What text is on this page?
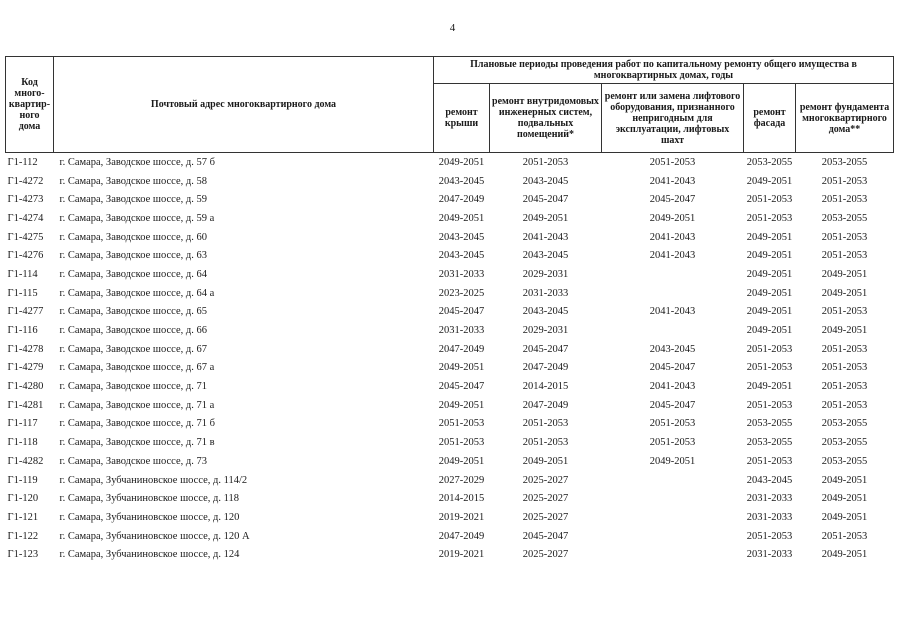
4
Код много-квартир-ного дома	Почтовый адрес многоквартирного дома	Плановые периоды проведения работ по капитальному ремонту общего имущества в многоквартирных домах, годы				
		ремонт крыши	ремонт внутридомовых инженерных систем, подвальных помещений*	ремонт или замена лифтового оборудования, признанного непригодным для эксплуатации, лифтовых шахт	ремонт фасада	ремонт фундамента многоквартирного дома**
Г1-112	г. Самара, Заводское шоссе, д. 57 б	2049-2051	2051-2053	2051-2053	2053-2055	2053-2055
Г1-4272	г. Самара, Заводское шоссе, д. 58	2043-2045	2043-2045	2041-2043	2049-2051	2051-2053
Г1-4273	г. Самара, Заводское шоссе, д. 59	2047-2049	2045-2047	2045-2047	2051-2053	2051-2053
Г1-4274	г. Самара, Заводское шоссе, д. 59 а	2049-2051	2049-2051	2049-2051	2051-2053	2053-2055
Г1-4275	г. Самара, Заводское шоссе, д. 60	2043-2045	2041-2043	2041-2043	2049-2051	2051-2053
Г1-4276	г. Самара, Заводское шоссе, д. 63	2043-2045	2043-2045	2041-2043	2049-2051	2051-2053
Г1-114	г. Самара, Заводское шоссе, д. 64	2031-2033	2029-2031		2049-2051	2049-2051
Г1-115	г. Самара, Заводское шоссе, д. 64 а	2023-2025	2031-2033		2049-2051	2049-2051
Г1-4277	г. Самара, Заводское шоссе, д. 65	2045-2047	2043-2045	2041-2043	2049-2051	2051-2053
Г1-116	г. Самара, Заводское шоссе, д. 66	2031-2033	2029-2031		2049-2051	2049-2051
Г1-4278	г. Самара, Заводское шоссе, д. 67	2047-2049	2045-2047	2043-2045	2051-2053	2051-2053
Г1-4279	г. Самара, Заводское шоссе, д. 67 а	2049-2051	2047-2049	2045-2047	2051-2053	2051-2053
Г1-4280	г. Самара, Заводское шоссе, д. 71	2045-2047	2014-2015	2041-2043	2049-2051	2051-2053
Г1-4281	г. Самара, Заводское шоссе, д. 71 а	2049-2051	2047-2049	2045-2047	2051-2053	2051-2053
Г1-117	г. Самара, Заводское шоссе, д. 71 б	2051-2053	2051-2053	2051-2053	2053-2055	2053-2055
Г1-118	г. Самара, Заводское шоссе, д. 71 в	2051-2053	2051-2053	2051-2053	2053-2055	2053-2055
Г1-4282	г. Самара, Заводское шоссе, д. 73	2049-2051	2049-2051	2049-2051	2051-2053	2053-2055
Г1-119	г. Самара, Зубчаниновское шоссе, д. 114/2	2027-2029	2025-2027		2043-2045	2049-2051
Г1-120	г. Самара, Зубчаниновское шоссе, д. 118	2014-2015	2025-2027		2031-2033	2049-2051
Г1-121	г. Самара, Зубчаниновское шоссе, д. 120	2019-2021	2025-2027		2031-2033	2049-2051
Г1-122	г. Самара, Зубчаниновское шоссе, д. 120 А	2047-2049	2045-2047		2051-2053	2051-2053
Г1-123	г. Самара, Зубчаниновское шоссе, д. 124	2019-2021	2025-2027		2031-2033	2049-2051
